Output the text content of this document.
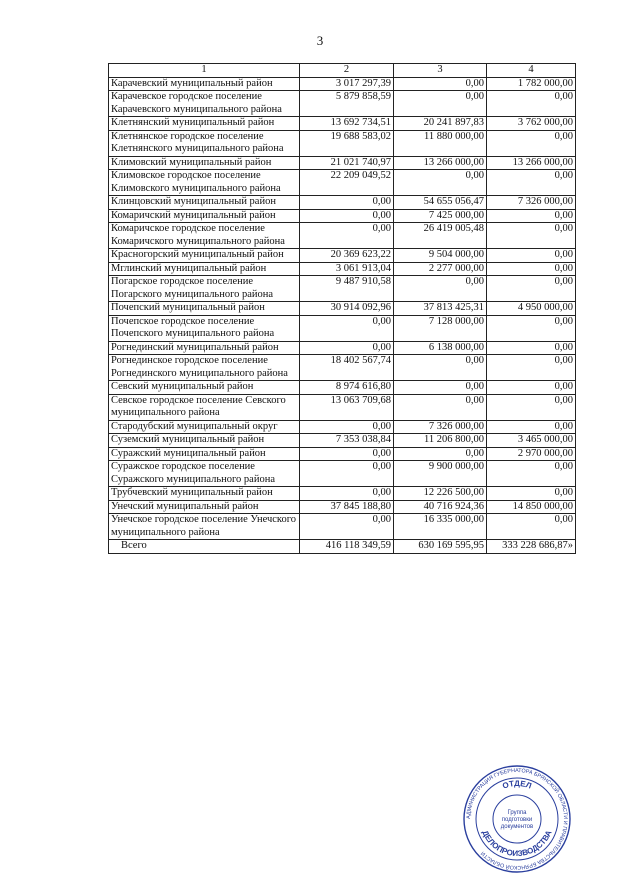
3
1	2	3	4
Карачевский муниципальный район	3 017 297,39	0,00	1 782 000,00
Карачевское городское поселение Карачевского муниципального района	5 879 858,59	0,00	0,00
Клетнянский муниципальный район	13 692 734,51	20 241 897,83	3 762 000,00
Клетнянское городское поселение Клетнянского муниципального района	19 688 583,02	11 880 000,00	0,00
Климовский муниципальный район	21 021 740,97	13 266 000,00	13 266 000,00
Климовское городское поселение Климовского муниципального района	22 209 049,52	0,00	0,00
Клинцовский муниципальный район	0,00	54 655 056,47	7 326 000,00
Комаричский муниципальный район	0,00	7 425 000,00	0,00
Комаричское городское поселение Комаричского муниципального района	0,00	26 419 005,48	0,00
Красногорский муниципальный район	20 369 623,22	9 504 000,00	0,00
Мглинский муниципальный район	3 061 913,04	2 277 000,00	0,00
Погарское городское поселение Погарского муниципального района	9 487 910,58	0,00	0,00
Почепский муниципальный район	30 914 092,96	37 813 425,31	4 950 000,00
Почепское городское поселение Почепского муниципального района	0,00	7 128 000,00	0,00
Рогнединский муниципальный район	0,00	6 138 000,00	0,00
Рогнединское городское поселение Рогнединского муниципального района	18 402 567,74	0,00	0,00
Севский муниципальный район	8 974 616,80	0,00	0,00
Севское городское поселение Севского муниципального района	13 063 709,68	0,00	0,00
Стародубский муниципальный округ	0,00	7 326 000,00	0,00
Суземский муниципальный район	7 353 038,84	11 206 800,00	3 465 000,00
Суражский муниципальный район	0,00	0,00	2 970 000,00
Суражское городское поселение Суражского муниципального района	0,00	9 900 000,00	0,00
Трубчевский муниципальный район	0,00	12 226 500,00	0,00
Унечский муниципальный район	37 845 188,80	40 716 924,36	14 850 000,00
Унечское городское поселение Унечского муниципального района	0,00	16 335 000,00	0,00
Всего	416 118 349,59	630 169 595,95	333 228 686,87»
АДМИНИСТРАЦИЯ ГУБЕРНАТОРА БРЯНСКОЙ ОБЛАСТИ И ПРАВИТЕЛЬСТВА БРЯНСКОЙ ОБЛАСТИ
ОТДЕЛ
ДЕЛОПРОИЗВОДСТВА
Группа
подготовки
документов
